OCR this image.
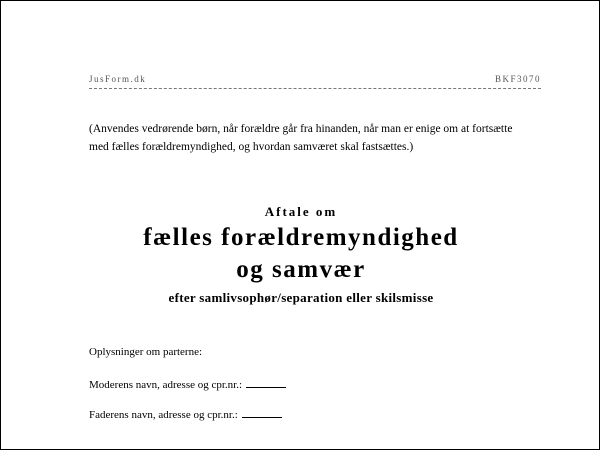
JusForm.dk	BKF3070
(Anvendes vedrørende børn, når forældre går fra hinanden, når man er enige om at fortsætte
med fælles forældremyndighed, og hvordan samværet skal fastsættes.)
Aftale om
fælles forældremyndighed
og samvær
efter samlivsophør/separation eller skilsmisse
Oplysninger om parterne:
Moderens navn, adresse og cpr.nr.:
Faderens navn, adresse og cpr.nr.:
